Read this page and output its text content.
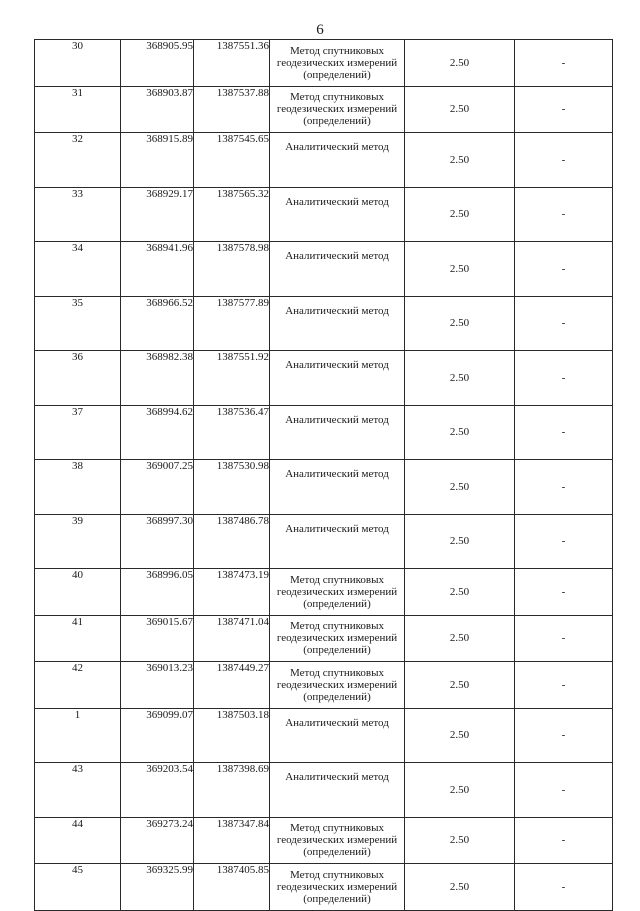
6
30	368905.95	1387551.36	Метод спутниковых геодезических измерений (определений)	2.50	-
31	368903.87	1387537.88	Метод спутниковых геодезических измерений (определений)	2.50	-
32	368915.89	1387545.65	Аналитический метод	2.50	-
33	368929.17	1387565.32	Аналитический метод	2.50	-
34	368941.96	1387578.98	Аналитический метод	2.50	-
35	368966.52	1387577.89	Аналитический метод	2.50	-
36	368982.38	1387551.92	Аналитический метод	2.50	-
37	368994.62	1387536.47	Аналитический метод	2.50	-
38	369007.25	1387530.98	Аналитический метод	2.50	-
39	368997.30	1387486.78	Аналитический метод	2.50	-
40	368996.05	1387473.19	Метод спутниковых геодезических измерений (определений)	2.50	-
41	369015.67	1387471.04	Метод спутниковых геодезических измерений (определений)	2.50	-
42	369013.23	1387449.27	Метод спутниковых геодезических измерений (определений)	2.50	-
1	369099.07	1387503.18	Аналитический метод	2.50	-
43	369203.54	1387398.69	Аналитический метод	2.50	-
44	369273.24	1387347.84	Метод спутниковых геодезических измерений (определений)	2.50	-
45	369325.99	1387405.85	Метод спутниковых геодезических измерений (определений)	2.50	-
